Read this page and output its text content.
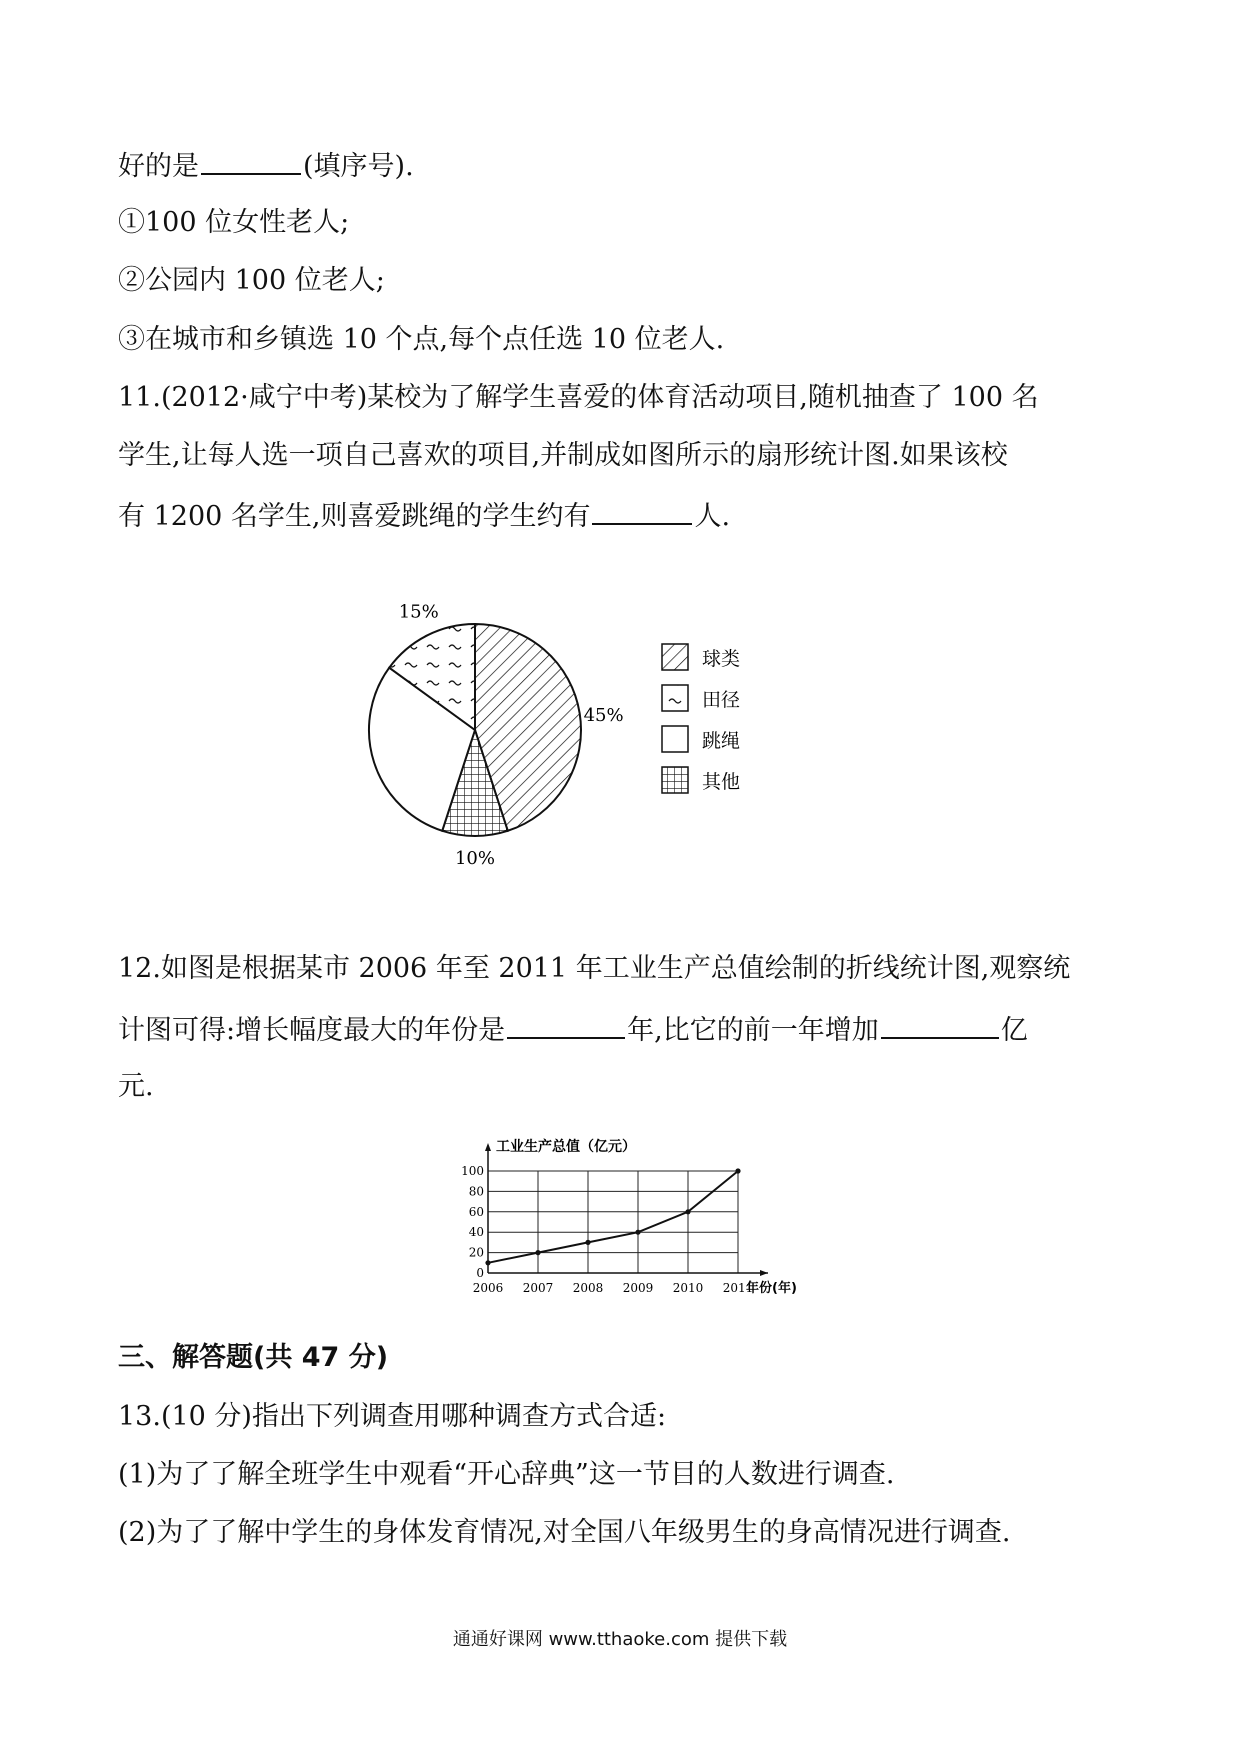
好的是	(填序号).
①100 位女性老人;
②公园内 100 位老人;
③在城市和乡镇选 10 个点,每个点任选 10 位老人.
11.(2012·咸宁中考)某校为了解学生喜爱的体育活动项目,随机抽查了 100 名
学生,让每人选一项自己喜欢的项目,并制成如图所示的扇形统计图.如果该校
有 1200 名学生,则喜爱跳绳的学生约有	人.
45%
10%
15%
球类
田径
跳绳
其他
12.如图是根据某市 2006 年至 2011 年工业生产总值绘制的折线统计图,观察统
计图可得:增长幅度最大的年份是	年,比它的前一年增加	亿
元.
0
20
40
60
80
100
2006 2007 2008 2009 2010 2011
工业生产总值（亿元）
年份(年)
三、解答题(共 47 分)
13.(10 分)指出下列调查用哪种调查方式合适:
(1)为了了解全班学生中观看“开心辞典”这一节目的人数进行调查.
(2)为了了解中学生的身体发育情况,对全国八年级男生的身高情况进行调查.
通通好课网 www.tthaoke.com 提供下载
